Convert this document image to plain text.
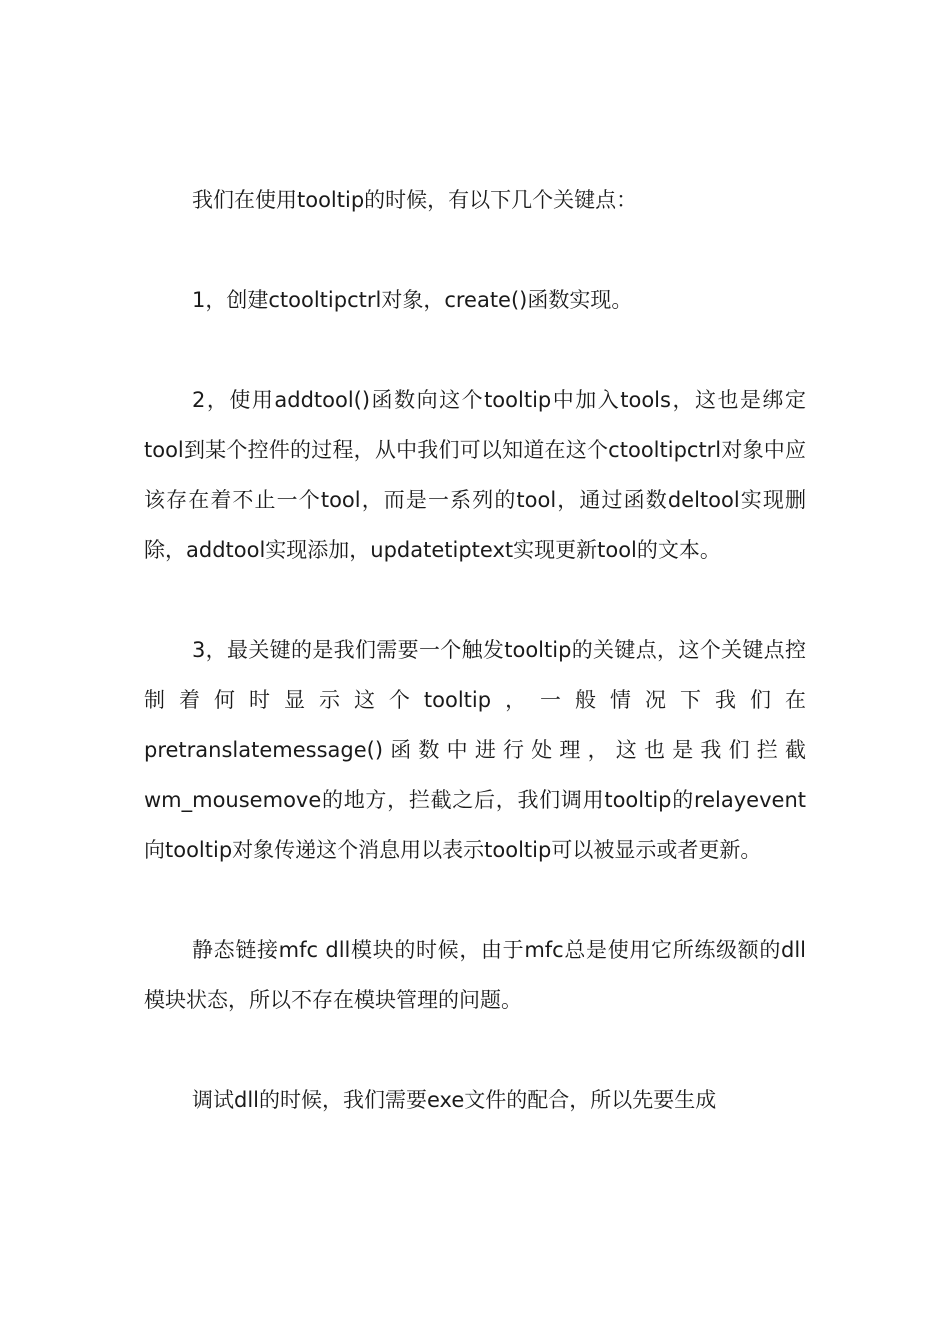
我们在使用tooltip的时候，有以下几个关键点：

1，创建ctooltipctrl对象，create()函数实现。

2，使用addtool()函数向这个tooltip中加入tools，这也是绑定tool到某个控件的过程，从中我们可以知道在这个ctooltipctrl对象中应该存在着不止一个tool，而是一系列的tool，通过函数deltool实现删除，addtool实现添加，updatetiptext实现更新tool的文本。

3，最关键的是我们需要一个触发tooltip的关键点，这个关键点控制着何时显示这个tooltip，一般情况下我们在pretranslatemessage()函数中进行处理，这也是我们拦截wm_mousemove的地方，拦截之后，我们调用tooltip的relayevent向tooltip对象传递这个消息用以表示tooltip可以被显示或者更新。

静态链接mfc dll模块的时候，由于mfc总是使用它所练级额的dll模块状态，所以不存在模块管理的问题。

调试dll的时候，我们需要exe文件的配合，所以先要生成
